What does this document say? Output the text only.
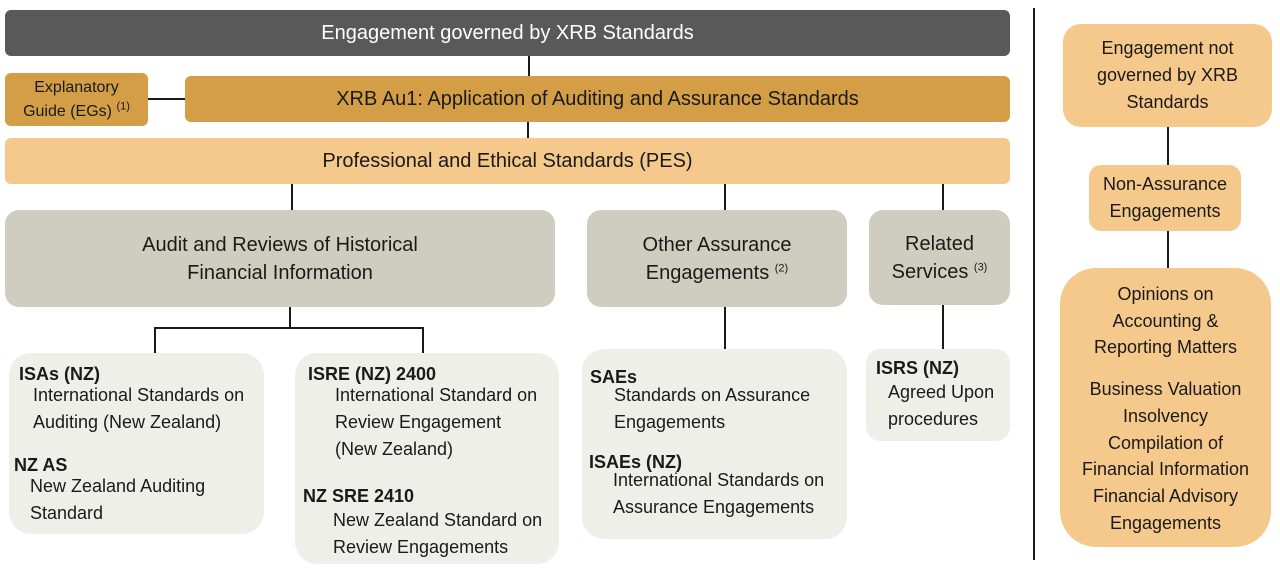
Engagement governed by XRB Standards
Explanatory
Guide (EGs) $^{(1)}$	XRB Au1: Application of Auditing and Assurance Standards
Professional and Ethical Standards (PES)
Audit and Reviews of Historical
Financial Information
Other Assurance
Engagements $^{(2)}$
Related
Services $^{(3)}$
ISAs (NZ)
International Standards on
Auditing (New Zealand)
NZ AS
New Zealand Auditing
Standard
ISRE (NZ) 2400
International Standard on
Review Engagement
(New Zealand)
NZ SRE 2410
New Zealand Standard on
Review Engagements
SAEs
Standards on Assurance
Engagements
ISAEs (NZ)
International Standards on
Assurance Engagements
ISRS (NZ)
Agreed Upon
procedures
Engagement not
governed by XRB
Standards
Non-Assurance
Engagements
Opinions on
Accounting &
Reporting Matters
Business Valuation
Insolvency
Compilation of
Financial Information
Financial Advisory
Engagements
